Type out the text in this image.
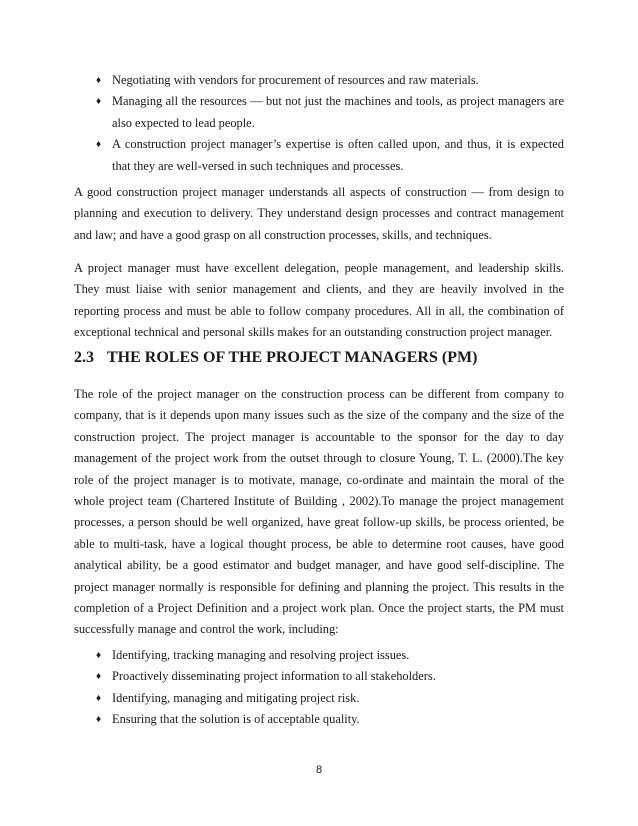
♦ Negotiating with vendors for procurement of resources and raw materials.
♦ Managing all the resources — but not just the machines and tools, as project managers are also expected to lead people.
♦ A construction project manager’s expertise is often called upon, and thus, it is expected that they are well-versed in such techniques and processes.

A good construction project manager understands all aspects of construction — from design to planning and execution to delivery. They understand design processes and contract management and law; and have a good grasp on all construction processes, skills, and techniques.

A project manager must have excellent delegation, people management, and leadership skills. They must liaise with senior management and clients, and they are heavily involved in the reporting process and must be able to follow company procedures. All in all, the combination of exceptional technical and personal skills makes for an outstanding construction project manager.

2.3 THE ROLES OF THE PROJECT MANAGERS (PM)

The role of the project manager on the construction process can be different from company to company, that is it depends upon many issues such as the size of the company and the size of the construction project. The project manager is accountable to the sponsor for the day to day management of the project work from the outset through to closure Young, T. L. (2000).The key role of the project manager is to motivate, manage, co-ordinate and maintain the moral of the whole project team (Chartered Institute of Building , 2002).To manage the project management processes, a person should be well organized, have great follow-up skills, be process oriented, be able to multi-task, have a logical thought process, be able to determine root causes, have good analytical ability, be a good estimator and budget manager, and have good self-discipline. The project manager normally is responsible for defining and planning the project. This results in the completion of a Project Definition and a project work plan. Once the project starts, the PM must successfully manage and control the work, including:

♦ Identifying, tracking managing and resolving project issues.
♦ Proactively disseminating project information to all stakeholders.
♦ Identifying, managing and mitigating project risk.
♦ Ensuring that the solution is of acceptable quality.
8
